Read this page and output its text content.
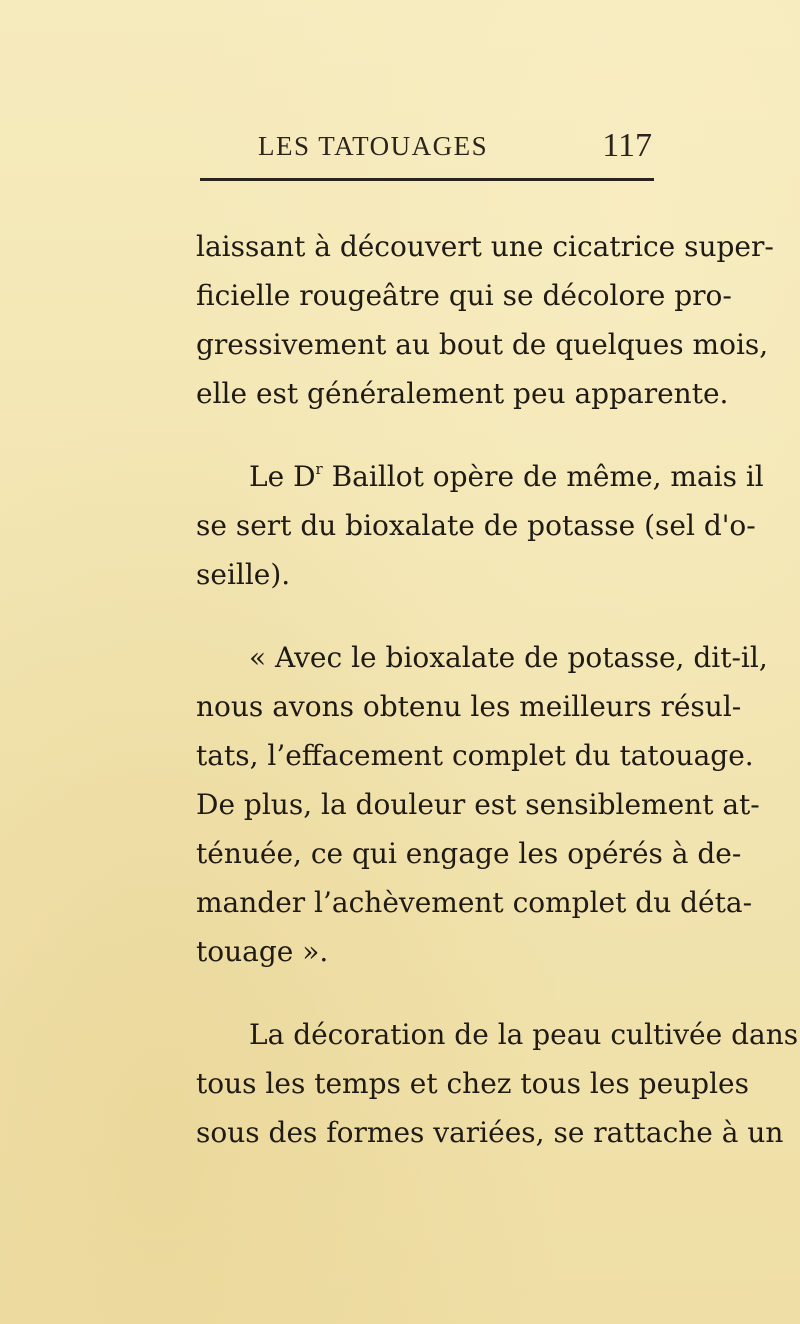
LES TATOUAGES	117
laissant à découvert une cicatrice super-
ficielle rougeâtre qui se décolore pro-
gressivement au bout de quelques mois,
elle est généralement peu apparente.
Le $D^r$ Baillot opère de même, mais il
se sert du bioxalate de potasse (sel d'o-
seille).
« Avec le bioxalate de potasse, dit-il,
nous avons obtenu les meilleurs résul-
tats, l’effacement complet du tatouage.
De plus, la douleur est sensiblement at-
ténuée, ce qui engage les opérés à de-
mander l’achèvement complet du déta-
touage ».
La décoration de la peau cultivée dans
tous les temps et chez tous les peuples
sous des formes variées, se rattache à un
